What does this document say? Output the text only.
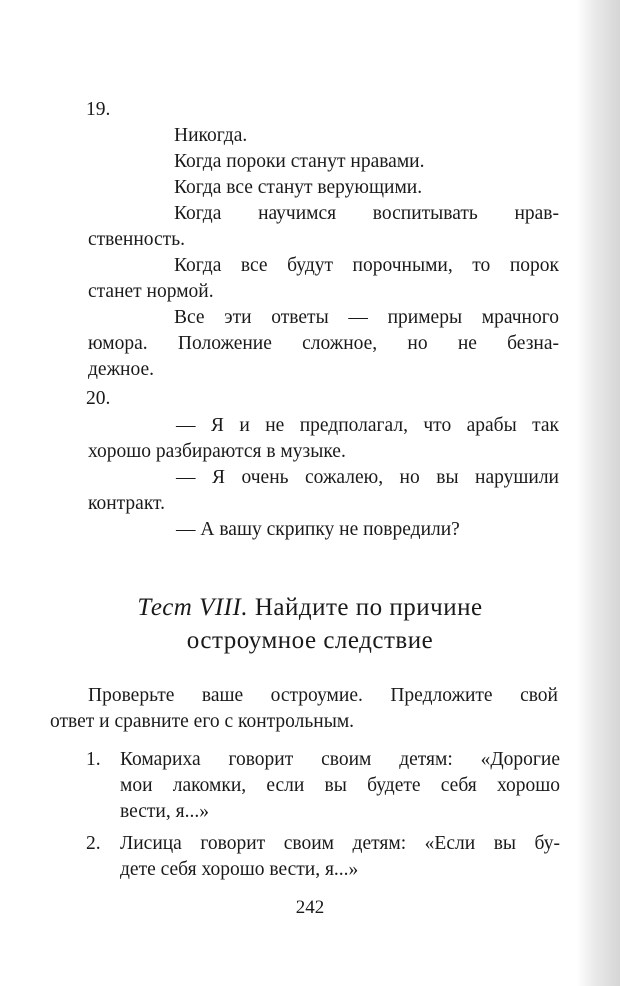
19.
Никогда.
Когда пороки станут нравами.
Когда все станут верующими.
Когда научимся воспитывать нрав-
ственность.
Когда все будут порочными, то порок
станет нормой.
Все эти ответы — примеры мрачного
юмора. Положение сложное, но не безна-
дежное.
20.
— Я и не предполагал, что арабы так
хорошо разбираются в музыке.
— Я очень сожалею, но вы нарушили
контракт.
— А вашу скрипку не повредили?
Тест VIII. Найдите по причине
остроумное следствие
Проверьте ваше остроумие. Предложите свой
ответ и сравните его с контрольным.
1. Комариха говорит своим детям: «Дорогие
мои лакомки, если вы будете себя хорошо
вести, я...»
2. Лисица говорит своим детям: «Если вы бу-
дете себя хорошо вести, я...»
242
